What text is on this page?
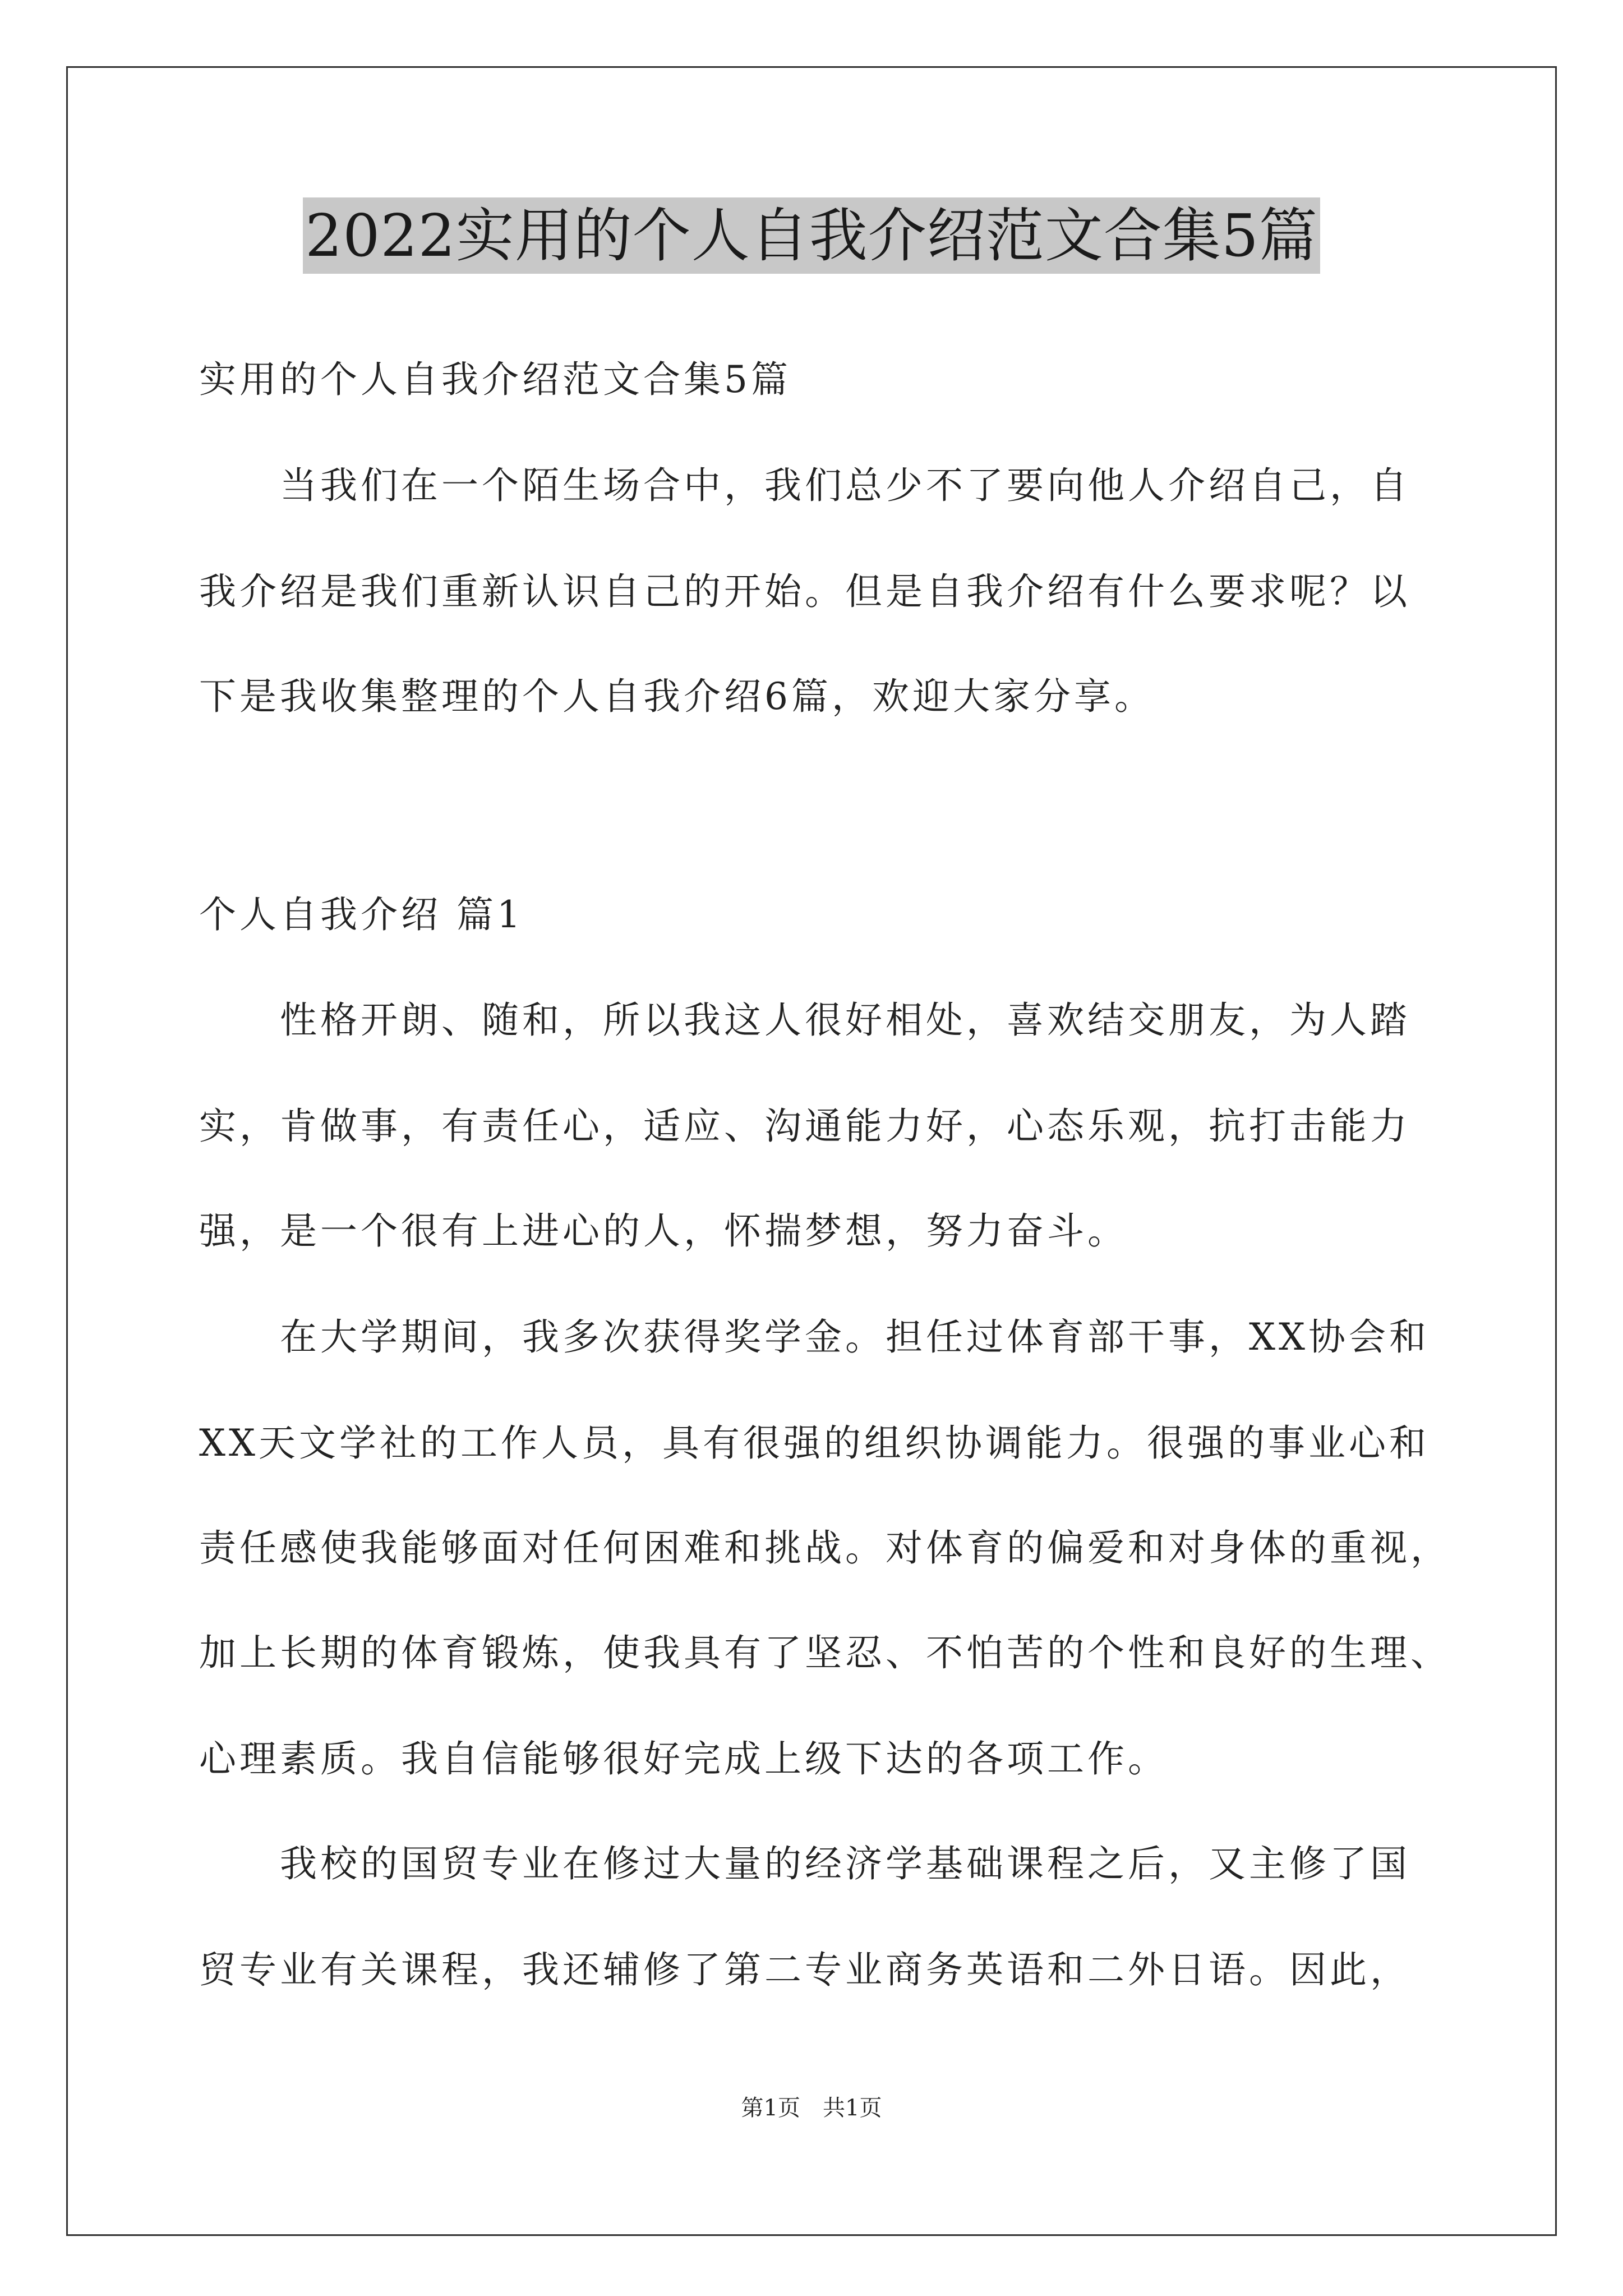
2022实用的个人自我介绍范文合集5篇
实用的个人自我介绍范文合集5篇
　　当我们在一个陌生场合中，我们总少不了要向他人介绍自己，自
我介绍是我们重新认识自己的开始。但是自我介绍有什么要求呢？以
下是我收集整理的个人自我介绍6篇，欢迎大家分享。
个人自我介绍 篇1
　　性格开朗、随和，所以我这人很好相处，喜欢结交朋友，为人踏
实，肯做事，有责任心，适应、沟通能力好，心态乐观，抗打击能力
强，是一个很有上进心的人，怀揣梦想，努力奋斗。
　　在大学期间，我多次获得奖学金。担任过体育部干事，XX协会和
XX天文学社的工作人员，具有很强的组织协调能力。很强的事业心和
责任感使我能够面对任何困难和挑战。对体育的偏爱和对身体的重视，
加上长期的体育锻炼，使我具有了坚忍、不怕苦的个性和良好的生理、
心理素质。我自信能够很好完成上级下达的各项工作。
　　我校的国贸专业在修过大量的经济学基础课程之后，又主修了国
贸专业有关课程，我还辅修了第二专业商务英语和二外日语。因此，
第1页　共1页
